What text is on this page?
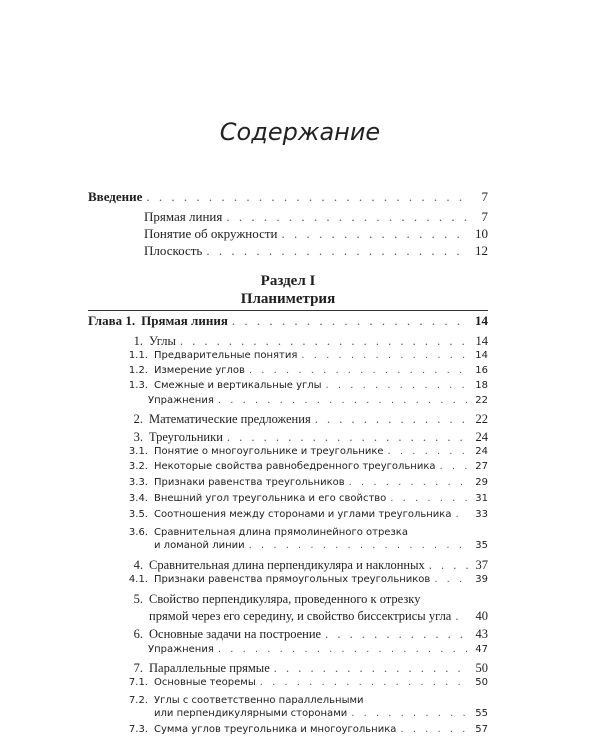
Содержание
Введение . . .	7
Прямая линия . . .	7
Понятие об окружности . . .	10
Плоскость . . .	12
Раздел I
Планиметрия
Глава 1. Прямая линия . . .	14
1. Углы . . .	14
1.1. Предварительные понятия . . .	14
1.2. Измерение углов . . .	16
1.3. Смежные и вертикальные углы . . .	18
Упражнения . . .	22
2. Математические предложения . . .	22
3. Треугольники . . .	24
3.1. Понятие о многоугольнике и треугольнике . . .	24
3.2. Некоторые свойства равнобедренного треугольника . . .	27
3.3. Признаки равенства треугольников . . .	29
3.4. Внешний угол треугольника и его свойство . . .	31
3.5. Соотношения между сторонами и углами треугольника . . .	33
3.6. Сравнительная длина прямолинейного отрезка
и ломаной линии . . .	35
4. Сравнительная длина перпендикуляра и наклонных . . .	37
4.1. Признаки равенства прямоугольных треугольников . . .	39
5. Свойство перпендикуляра, проведенного к отрезку
прямой через его середину, и свойство биссектрисы угла . . . 40
6. Основные задачи на построение . . .	43
Упражнения . . .	47
7. Параллельные прямые . . .	50
7.1. Основные теоремы . . .	50
7.2. Углы с соответственно параллельными
или перпендикулярными сторонами . . .	55
7.3. Сумма углов треугольника и многоугольника . . .	57
